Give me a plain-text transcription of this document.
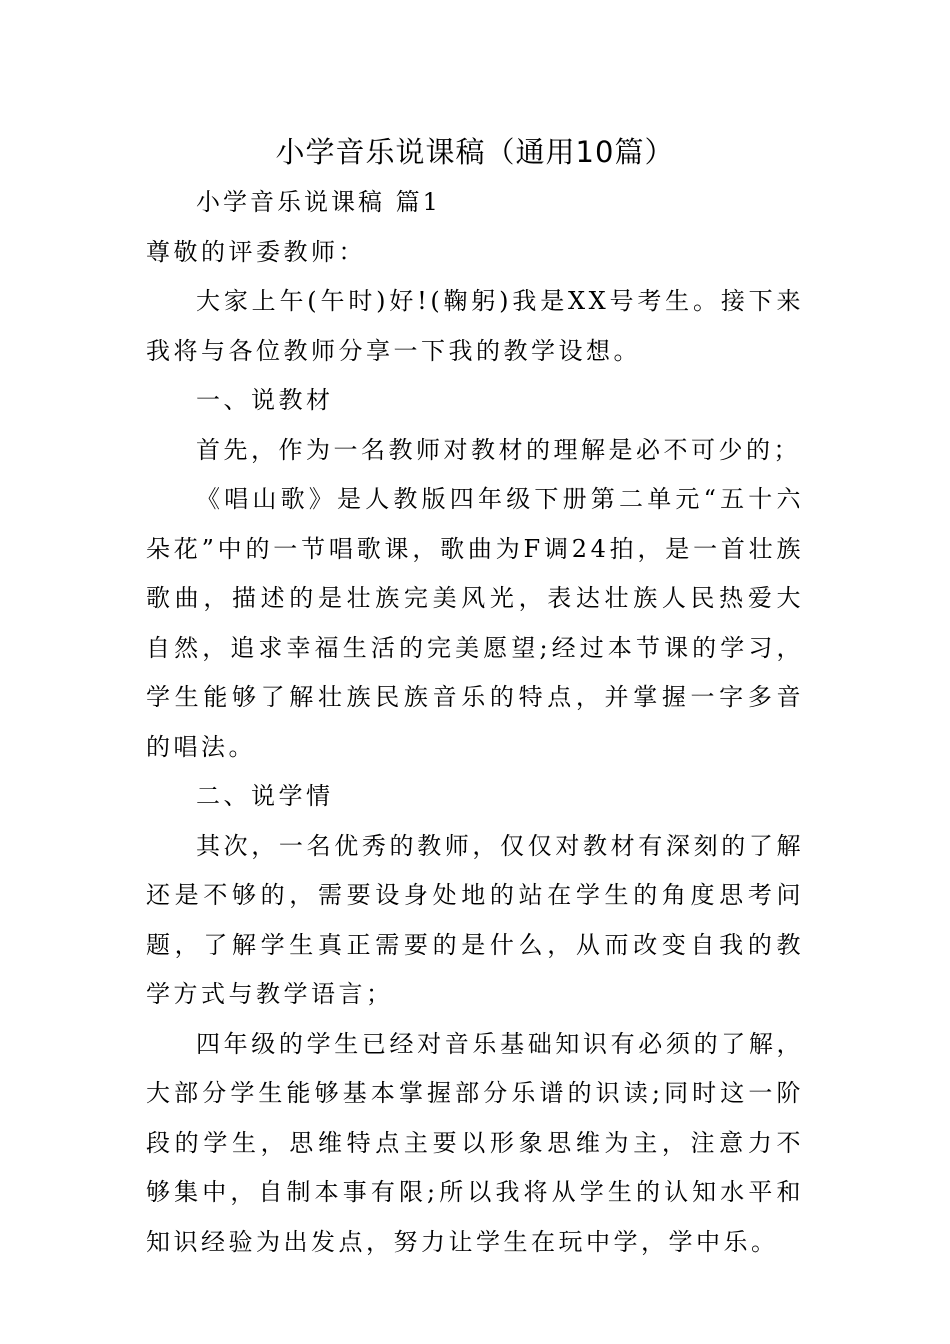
小学音乐说课稿（通用10篇）

小学音乐说课稿 篇1

尊敬的评委教师：

大家上午(午时)好!(鞠躬)我是XX号考生。接下来我将与各位教师分享一下我的教学设想。

一、说教材

首先，作为一名教师对教材的理解是必不可少的；

《唱山歌》是人教版四年级下册第二单元“五十六朵花”中的一节唱歌课，歌曲为F调24拍，是一首壮族歌曲，描述的是壮族完美风光，表达壮族人民热爱大自然，追求幸福生活的完美愿望;经过本节课的学习，学生能够了解壮族民族音乐的特点，并掌握一字多音的唱法。

二、说学情

其次，一名优秀的教师，仅仅对教材有深刻的了解还是不够的，需要设身处地的站在学生的角度思考问题，了解学生真正需要的是什么，从而改变自我的教学方式与教学语言；

四年级的学生已经对音乐基础知识有必须的了解，大部分学生能够基本掌握部分乐谱的识读;同时这一阶段的学生，思维特点主要以形象思维为主，注意力不够集中，自制本事有限;所以我将从学生的认知水平和知识经验为出发点，努力让学生在玩中学，学中乐。
